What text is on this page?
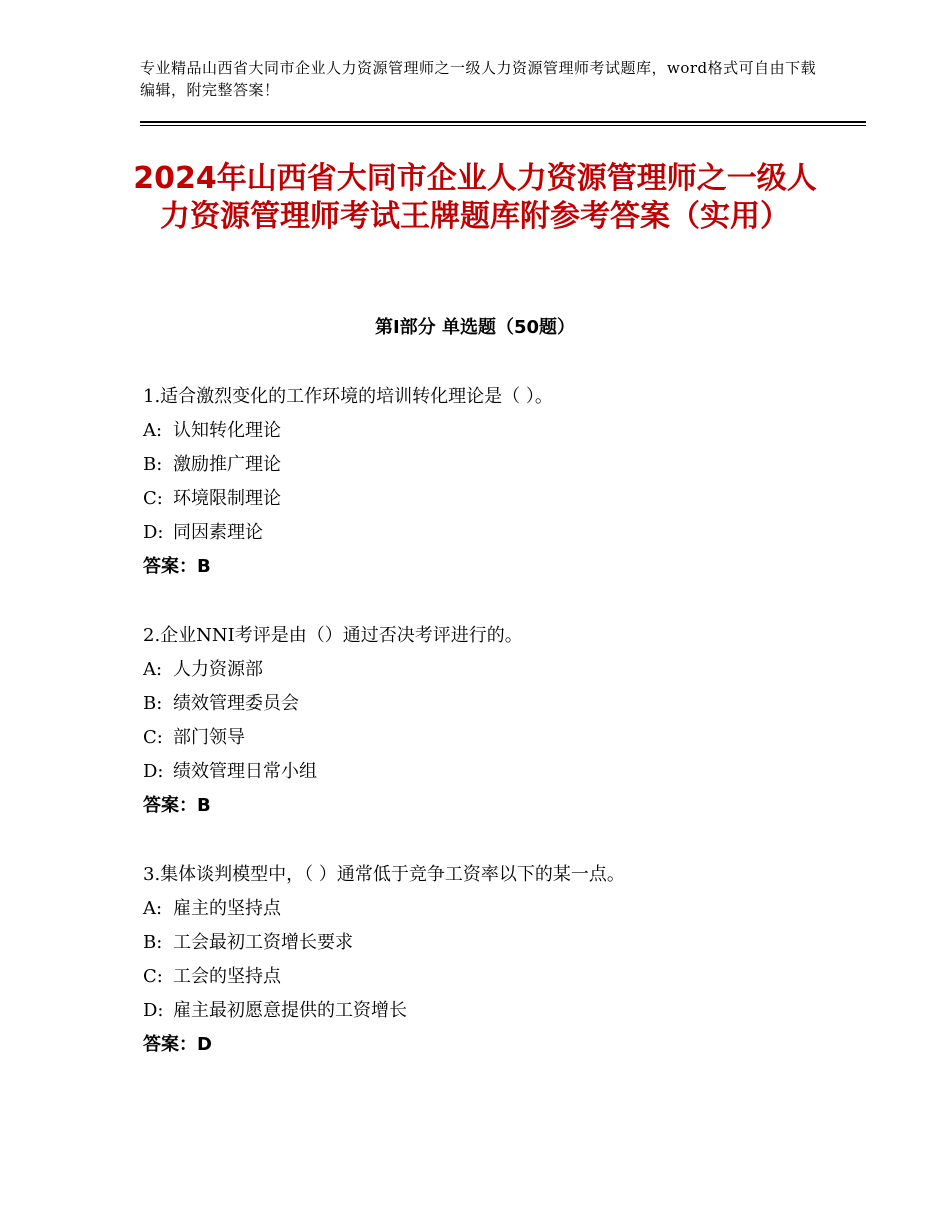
专业精品山西省大同市企业人力资源管理师之一级人力资源管理师考试题库，word格式可自由下载编辑，附完整答案！
2024年山西省大同市企业人力资源管理师之一级人力资源管理师考试王牌题库附参考答案（实用）
第Ⅰ部分 单选题（50题）
1.适合激烈变化的工作环境的培训转化理论是（ ）。
A: 认知转化理论
B: 激励推广理论
C: 环境限制理论
D: 同因素理论
答案：B
2.企业NNI考评是由（）通过否决考评进行的。
A: 人力资源部
B: 绩效管理委员会
C: 部门领导
D: 绩效管理日常小组
答案：B
3.集体谈判模型中，（ ）通常低于竞争工资率以下的某一点。
A: 雇主的坚持点
B: 工会最初工资增长要求
C: 工会的坚持点
D: 雇主最初愿意提供的工资增长
答案：D
